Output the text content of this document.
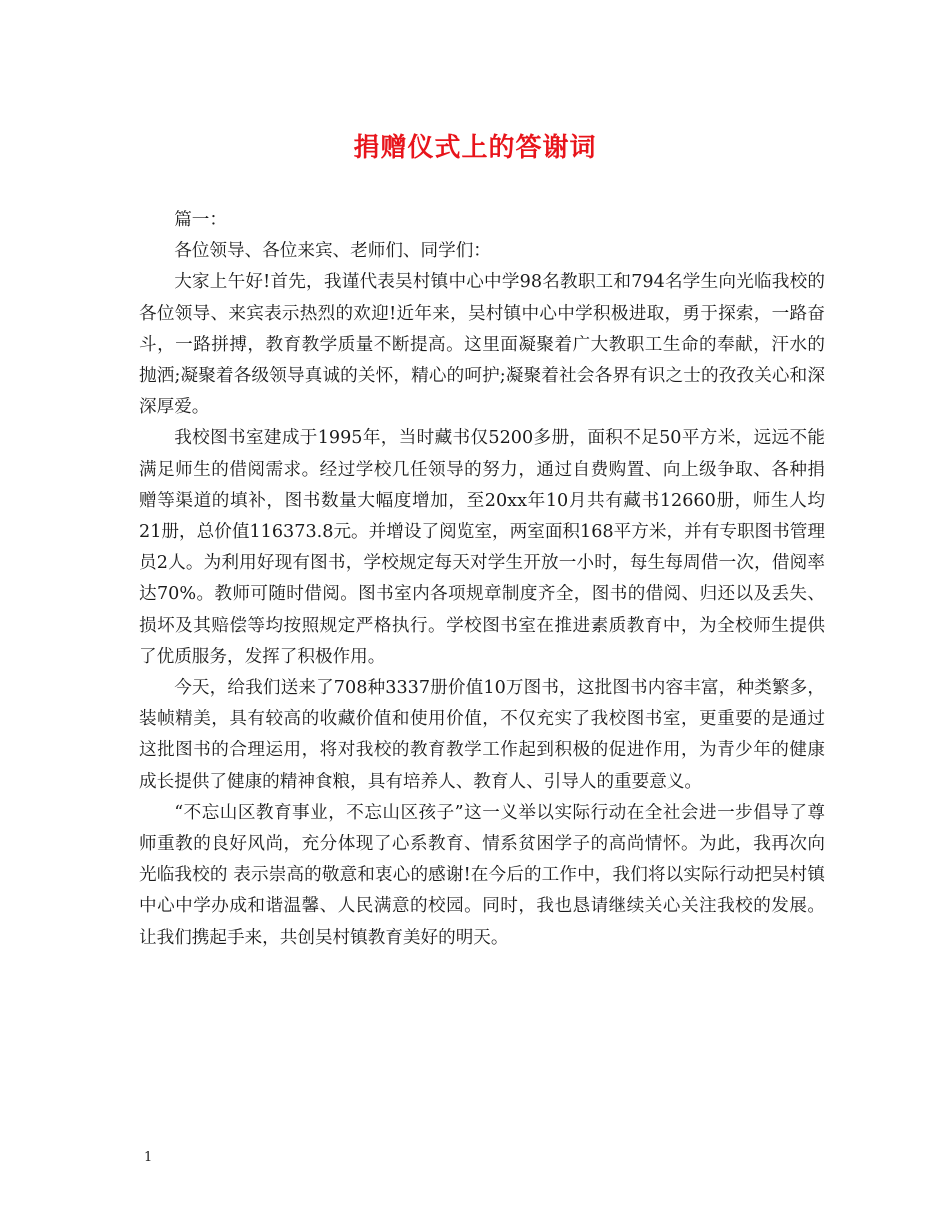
捐赠仪式上的答谢词

篇一：

各位领导、各位来宾、老师们、同学们：

大家上午好!首先，我谨代表吴村镇中心中学98名教职工和794名学生向光临我校的各位领导、来宾表示热烈的欢迎!近年来，吴村镇中心中学积极进取，勇于探索，一路奋斗，一路拼搏，教育教学质量不断提高。这里面凝聚着广大教职工生命的奉献，汗水的抛洒;凝聚着各级领导真诚的关怀，精心的呵护;凝聚着社会各界有识之士的孜孜关心和深深厚爱。

我校图书室建成于1995年，当时藏书仅5200多册，面积不足50平方米，远远不能满足师生的借阅需求。经过学校几任领导的努力，通过自费购置、向上级争取、各种捐赠等渠道的填补，图书数量大幅度增加，至20xx年10月共有藏书12660册，师生人均21册，总价值116373.8元。并增设了阅览室，两室面积168平方米，并有专职图书管理员2人。为利用好现有图书，学校规定每天对学生开放一小时，每生每周借一次，借阅率达70%。教师可随时借阅。图书室内各项规章制度齐全，图书的借阅、归还以及丢失、损坏及其赔偿等均按照规定严格执行。学校图书室在推进素质教育中，为全校师生提供了优质服务，发挥了积极作用。

今天，给我们送来了708种3337册价值10万图书，这批图书内容丰富，种类繁多，装帧精美，具有较高的收藏价值和使用价值，不仅充实了我校图书室，更重要的是通过这批图书的合理运用，将对我校的教育教学工作起到积极的促进作用，为青少年的健康成长提供了健康的精神食粮，具有培养人、教育人、引导人的重要意义。

“不忘山区教育事业，不忘山区孩子”这一义举以实际行动在全社会进一步倡导了尊师重教的良好风尚，充分体现了心系教育、情系贫困学子的高尚情怀。为此，我再次向光临我校的 表示崇高的敬意和衷心的感谢!在今后的工作中，我们将以实际行动把吴村镇中心中学办成和谐温馨、人民满意的校园。同时，我也恳请继续关心关注我校的发展。让我们携起手来，共创吴村镇教育美好的明天。

1
